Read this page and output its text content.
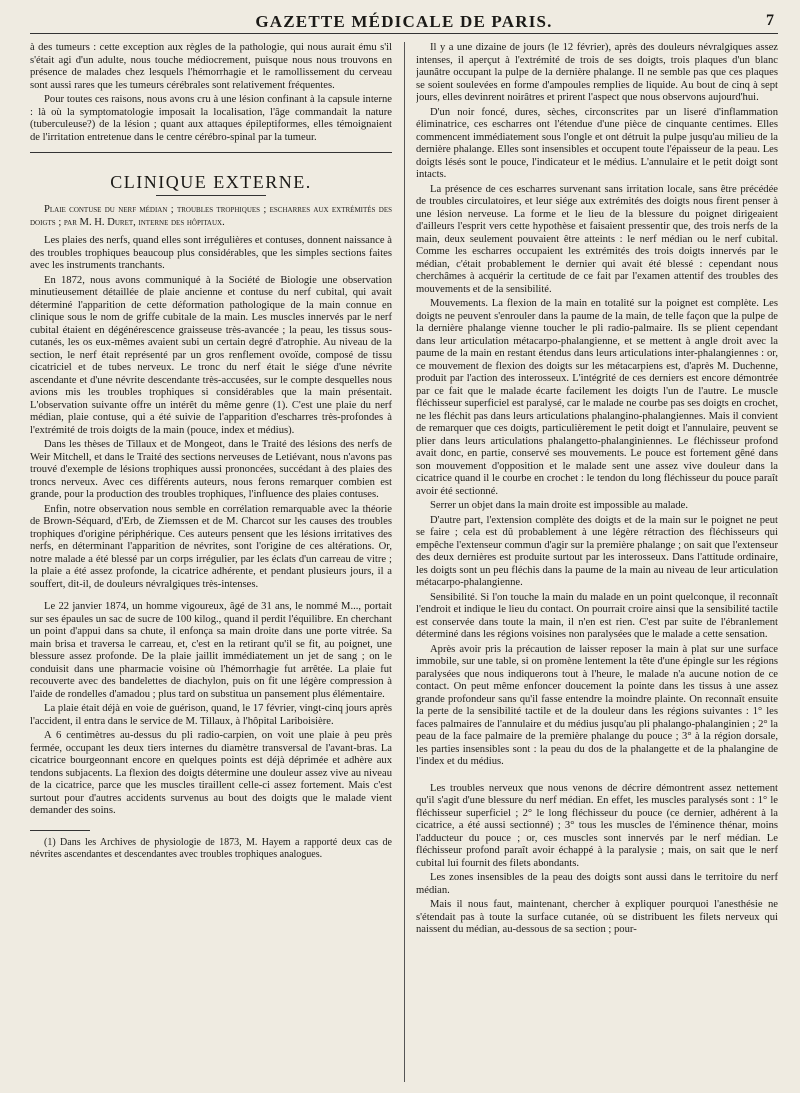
GAZETTE MÉDICALE DE PARIS.	7

à des tumeurs : cette exception aux règles de la pathologie, qui nous aurait ému s'il s'était agi d'un adulte, nous touche médiocrement, puisque nous nous trouvons en présence de malades chez lesquels l'hémorrhagie et le ramollissement du cerveau sont aussi rares que les tumeurs cérébrales sont relativement fréquentes.

Pour toutes ces raisons, nous avons cru à une lésion confinant à la capsule interne : là où la symptomatologie imposait la localisation, l'âge commandait la nature (tuberculeuse?) de la lésion ; quant aux attaques épileptiformes, elles témoignaient de l'irritation entretenue dans le centre cérébro-spinal par la tumeur.

CLINIQUE EXTERNE.

Plaie contuse du nerf médian ; troubles trophiques ; escharres aux extrémités des doigts ; par M. H. Duret, interne des hôpitaux.

Les plaies des nerfs, quand elles sont irrégulières et contuses, donnent naissance à des troubles trophiques beaucoup plus considérables, que les simples sections faites avec les instruments tranchants.

En 1872, nous avons communiqué à la Société de Biologie une observation minutieusement détaillée de plaie ancienne et contuse du nerf cubital, qui avait déterminé l'apparition de cette déformation pathologique de la main connue en clinique sous le nom de griffe cubitale de la main. Les muscles innervés par le nerf cubital étaient en dégénérescence graisseuse très-avancée ; la peau, les tissus sous-cutanés, les os eux-mêmes avaient subi un certain degré d'atrophie. Au niveau de la section, le nerf était représenté par un gros renflement ovoïde, composé de tissu cicatriciel et de tubes nerveux. Le tronc du nerf était le siége d'une névrite ascendante et d'une névrite descendante très-accusées, sur le compte desquelles nous avions mis les troubles trophiques si considérables que la main présentait. L'observation suivante offre un intérêt du même genre (1). C'est une plaie du nerf médian, plaie contuse, qui a été suivie de l'apparition d'escharres très-profondes à l'extrémité de trois doigts de la main (pouce, index et médius).

Dans les thèses de Tillaux et de Mongeot, dans le Traité des lésions des nerfs de Weir Mitchell, et dans le Traité des sections nerveuses de Letiévant, nous n'avons pas trouvé d'exemple de lésions trophiques aussi prononcées, succédant à des plaies des troncs nerveux. Avec ces différents auteurs, nous ferons remarquer combien est grande, pour la production des troubles trophiques, l'influence des plaies contuses.

Enfin, notre observation nous semble en corrélation remarquable avec la théorie de Brown-Séquard, d'Erb, de Ziemssen et de M. Charcot sur les causes des troubles trophiques d'origine périphérique. Ces auteurs pensent que les lésions irritatives des nerfs, en déterminant l'apparition de névrites, sont l'origine de ces altérations. Or, notre malade a été blessé par un corps irrégulier, par les éclats d'un carreau de vitre ; la plaie a été assez profonde, la cicatrice adhérente, et pendant plusieurs jours, il a souffert, dit-il, de douleurs névralgiques très-intenses.

Le 22 janvier 1874, un homme vigoureux, âgé de 31 ans, le nommé M..., portait sur ses épaules un sac de sucre de 100 kilog., quand il perdit l'équilibre. En cherchant un point d'appui dans sa chute, il enfonça sa main droite dans une porte vitrée. Sa main brisa et traversa le carreau, et, c'est en la retirant qu'il se fit, au poignet, une blessure assez profonde. De la plaie jaillit immédiatement un jet de sang ; on le conduisit dans une pharmacie voisine où l'hémorrhagie fut arrêtée. La plaie fut recouverte avec des bandelettes de diachylon, puis on fit une légère compression à l'aide de rondelles d'amadou ; plus tard on substitua un pansement plus élémentaire.

La plaie était déjà en voie de guérison, quand, le 17 février, vingt-cinq jours après l'accident, il entra dans le service de M. Tillaux, à l'hôpital Lariboisière.

A 6 centimètres au-dessus du pli radio-carpien, on voit une plaie à peu près fermée, occupant les deux tiers internes du diamètre transversal de l'avant-bras. La cicatrice bourgeonnant encore en quelques points est déjà déprimée et adhère aux tendons subjacents. La flexion des doigts détermine une douleur assez vive au niveau de la cicatrice, parce que les muscles tiraillent celle-ci assez fortement. Mais c'est surtout pour d'autres accidents survenus au bout des doigts que le malade vient demander des soins.

(1) Dans les Archives de physiologie de 1873, M. Hayem a rapporté deux cas de névrites ascendantes et descendantes avec troubles trophiques analogues.

Il y a une dizaine de jours (le 12 février), après des douleurs névralgiques assez intenses, il aperçut à l'extrémité de trois de ses doigts, trois plaques d'un blanc jaunâtre occupant la pulpe de la dernière phalange. Il ne semble pas que ces plaques se soient soulevées en forme d'ampoules remplies de liquide. Au bout de cinq à sept jours, elles devinrent noirâtres et prirent l'aspect que nous observons aujourd'hui.

D'un noir foncé, dures, sèches, circonscrites par un liseré d'inflammation éliminatrice, ces escharres ont l'étendue d'une pièce de cinquante centimes. Elles commencent immédiatement sous l'ongle et ont détruit la pulpe jusqu'au milieu de la dernière phalange. Elles sont insensibles et occupent toute l'épaisseur de la peau. Les doigts lésés sont le pouce, l'indicateur et le médius. L'annulaire et le petit doigt sont intacts.

La présence de ces escharres survenant sans irritation locale, sans être précédée de troubles circulatoires, et leur siége aux extrémités des doigts nous firent penser à une lésion nerveuse. La forme et le lieu de la blessure du poignet dirigeaient d'ailleurs l'esprit vers cette hypothèse et faisaient pressentir que, des trois nerfs de la main, deux seulement pouvaient être atteints : le nerf médian ou le nerf cubital. Comme les escharres occupaient les extrémités des trois doigts innervés par le médian, c'était probablement le dernier qui avait été blessé : cependant nous cherchâmes à acquérir la certitude de ce fait par l'examen attentif des troubles des mouvements et de la sensibilité.

Mouvements. La flexion de la main en totalité sur la poignet est complète. Les doigts ne peuvent s'enrouler dans la paume de la main, de telle façon que la pulpe de la dernière phalange vienne toucher le pli radio-palmaire. Ils se plient cependant dans leur articulation métacarpo-phalangienne, et se mettent à angle droit avec la paume de la main en restant étendus dans leurs articulations inter-phalangiennes : or, ce mouvement de flexion des doigts sur les métacarpiens est, d'après M. Duchenne, produit par l'action des interosseux. L'intégrité de ces derniers est encore démontrée par ce fait que le malade écarte facilement les doigts l'un de l'autre. Le muscle fléchisseur superficiel est paralysé, car le malade ne courbe pas ses doigts en crochet, ne les fléchit pas dans leurs articulations phalangino-phalangiennes. Mais il convient de remarquer que ces doigts, particulièrement le petit doigt et l'annulaire, peuvent se plier dans leurs articulations phalangetto-phalanginiennes. Le fléchisseur profond avait donc, en partie, conservé ses mouvements. Le pouce est fortement gêné dans son mouvement d'opposition et le malade sent une assez vive douleur dans la cicatrice quand il le courbe en crochet : le tendon du long fléchisseur du pouce paraît avoir été sectionné.

Serrer un objet dans la main droite est impossible au malade.

D'autre part, l'extension complète des doigts et de la main sur le poignet ne peut se faire ; cela est dû probablement à une légère rétraction des fléchisseurs qui empêche l'extenseur commun d'agir sur la première phalange ; on sait que l'extenseur des deux dernières est produite surtout par les interosseux. Dans l'attitude ordinaire, les doigts sont un peu fléchis dans la paume de la main au niveau de leur articulation métacarpo-phalangienne.

Sensibilité. Si l'on touche la main du malade en un point quelconque, il reconnaît l'endroit et indique le lieu du contact. On pourrait croire ainsi que la sensibilité tactile est conservée dans toute la main, il n'en est rien. C'est par suite de l'ébranlement déterminé dans les régions voisines non paralysées que le malade a cette sensation.

Après avoir pris la précaution de laisser reposer la main à plat sur une surface immobile, sur une table, si on promène lentement la tête d'une épingle sur les régions paralysées que nous indiquerons tout à l'heure, le malade n'a aucune notion de ce contact. On peut même enfoncer doucement la pointe dans les tissus à une assez grande profondeur sans qu'il fasse entendre la moindre plainte. On reconnaît ensuite la perte de la sensibilité tactile et de la douleur dans les régions suivantes : 1° les faces palmaires de l'annulaire et du médius jusqu'au pli phalango-phalanginien ; 2° la peau de la face palmaire de la première phalange du pouce ; 3° à la région dorsale, les parties insensibles sont : la peau du dos de la phalangette et de la phalangine de l'index et du médius.

Les troubles nerveux que nous venons de décrire démontrent assez nettement qu'il s'agit d'une blessure du nerf médian. En effet, les muscles paralysés sont : 1° le fléchisseur superficiel ; 2° le long fléchisseur du pouce (ce dernier, adhérent à la cicatrice, a été aussi sectionné) ; 3° tous les muscles de l'éminence thénar, moins l'adducteur du pouce ; or, ces muscles sont innervés par le nerf médian. Le fléchisseur profond paraît avoir échappé à la paralysie ; mais, on sait que le nerf cubital lui fournit des filets abondants.

Les zones insensibles de la peau des doigts sont aussi dans le territoire du nerf médian.

Mais il nous faut, maintenant, chercher à expliquer pourquoi l'anesthésie ne s'étendait pas à toute la surface cutanée, où se distribuent les filets nerveux qui naissent du médian, au-dessous de sa section ; pour-
